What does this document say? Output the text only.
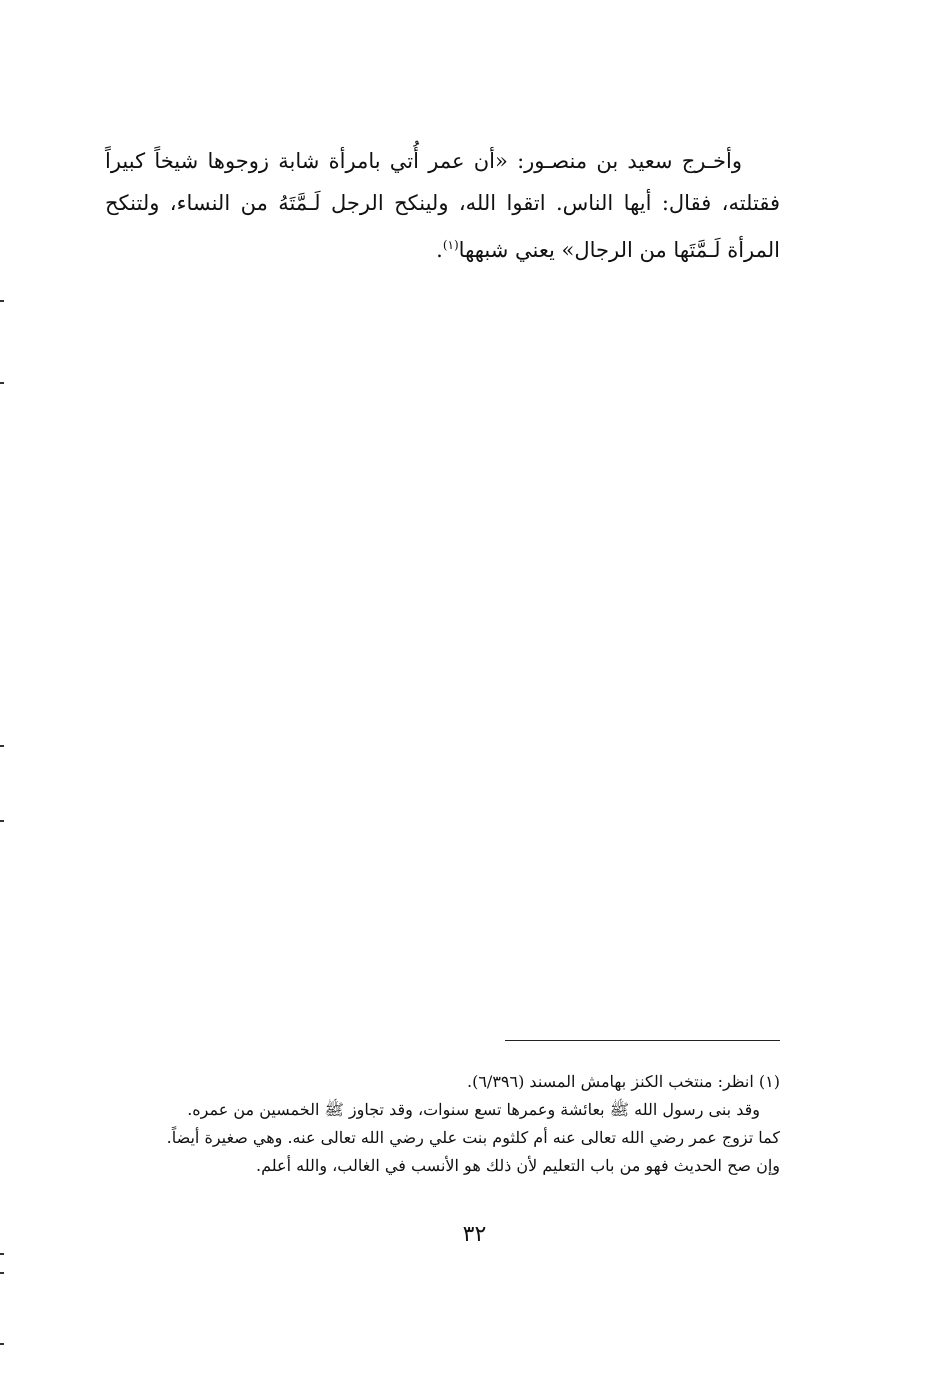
وأخـرج سعيد بن منصـور: «أن عمر أُتي بامرأة شابة زوجوها شيخاً كبيراً فقتلته، فقال: أيها الناس. اتقوا الله، ولينكح الرجل لَـمَّتَهُ من النساء، ولتنكح المرأة لَـمَّتَها من الرجال» يعني شبهها$^{(١)}$.

(١) انظر: منتخب الكنز بهامش المسند (٦/٣٩٦).

وقد بنى رسول الله ﷺ بعائشة وعمرها تسع سنوات، وقد تجاوز ﷺ الخمسين من عمره.

كما تزوج عمر رضي الله تعالى عنه أم كلثوم بنت علي رضي الله تعالى عنه. وهي صغيرة أيضاً.

وإن صح الحديث فهو من باب التعليم لأن ذلك هو الأنسب في الغالب، والله أعلم.

٣٢
